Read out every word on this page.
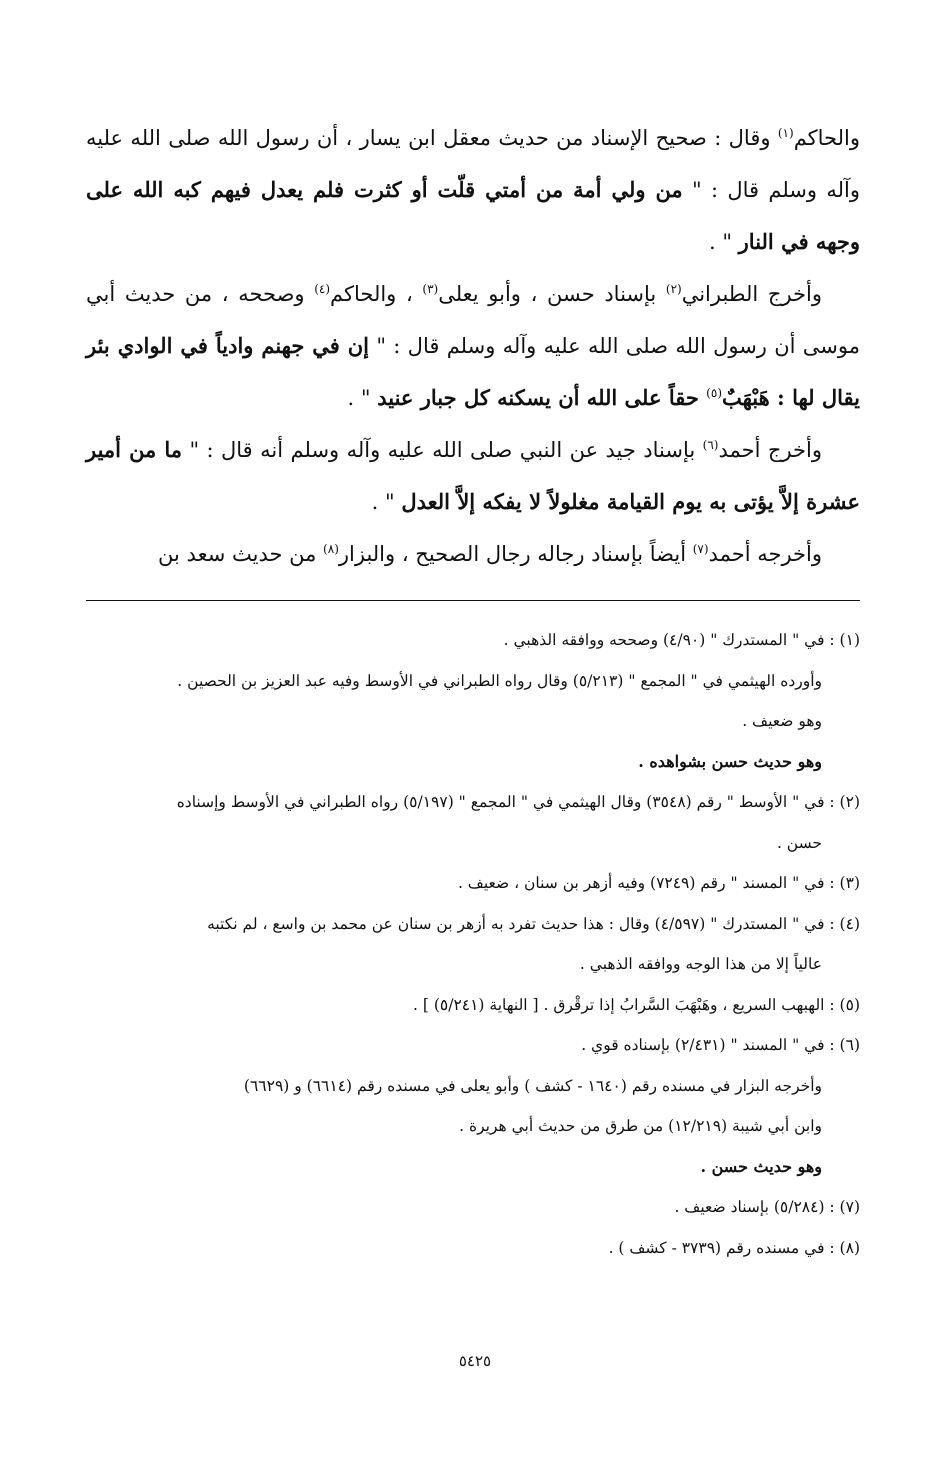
والحاكم$^{(١)}$ وقال : صحيح الإسناد من حديث معقل ابن يسار ، أن رسول الله صلى الله عليه وآله وسلم قال : " من ولي أمة من أمتي قلّت أو كثرت فلم يعدل فيهم كبه الله على وجهه في النار " .

وأخرج الطبراني$^{(٢)}$ بإسناد حسن ، وأبو يعلى$^{(٣)}$ ، والحاكم$^{(٤)}$ وصححه ، من حديث أبي موسى أن رسول الله صلى الله عليه وآله وسلم قال : " إن في جهنم وادياً في الوادي بئر يقال لها : هَبْهَبٌ$^{(٥)}$ حقاً على الله أن يسكنه كل جبار عنيد " .

وأخرج أحمد$^{(٦)}$ بإسناد جيد عن النبي صلى الله عليه وآله وسلم أنه قال : " ما من أمير عشرة إلاَّ يؤتى به يوم القيامة مغلولاً لا يفكه إلاَّ العدل " .

وأخرجه أحمد$^{(٧)}$ أيضاً بإسناد رجاله رجال الصحيح ، والبزار$^{(٨)}$ من حديث سعد بن

(١) : في " المستدرك " (٤/٩٠) وصححه ووافقه الذهبي .

وأورده الهيثمي في " المجمع " (٥/٢١٣) وقال رواه الطبراني في الأوسط وفيه عبد العزيز بن الحصين .

وهو ضعيف .

وهو حديث حسن بشواهده .

(٢) : في " الأوسط " رقم (٣٥٤٨) وقال الهيثمي في " المجمع " (٥/١٩٧) رواه الطبراني في الأوسط وإسناده

حسن .

(٣) : في " المسند " رقم (٧٢٤٩) وفيه أزهر بن سنان ، ضعيف .

(٤) : في " المستدرك " (٤/٥٩٧) وقال : هذا حديث تفرد به أزهر بن سنان عن محمد بن واسع ، لم نكتبه

عالياً إلا من هذا الوجه ووافقه الذهبي .

(٥) : الهبهب السريع ، وهَبْهَبَ السَّرابُ إذا ترقْرق . [ النهاية (٥/٢٤١) ] .

(٦) : في " المسند " (٢/٤٣١) بإسناده قوي .

وأخرجه البزار في مسنده رقم (١٦٤٠ - كشف ) وأبو يعلى في مسنده رقم (٦٦١٤) و (٦٦٢٩)

وابن أبي شيبة (١٢/٢١٩) من طرق من حديث أبي هريرة .

وهو حديث حسن .

(٧) : (٥/٢٨٤) بإسناد ضعيف .

(٨) : في مسنده رقم (٣٧٣٩ - كشف ) .

٥٤٢٥
